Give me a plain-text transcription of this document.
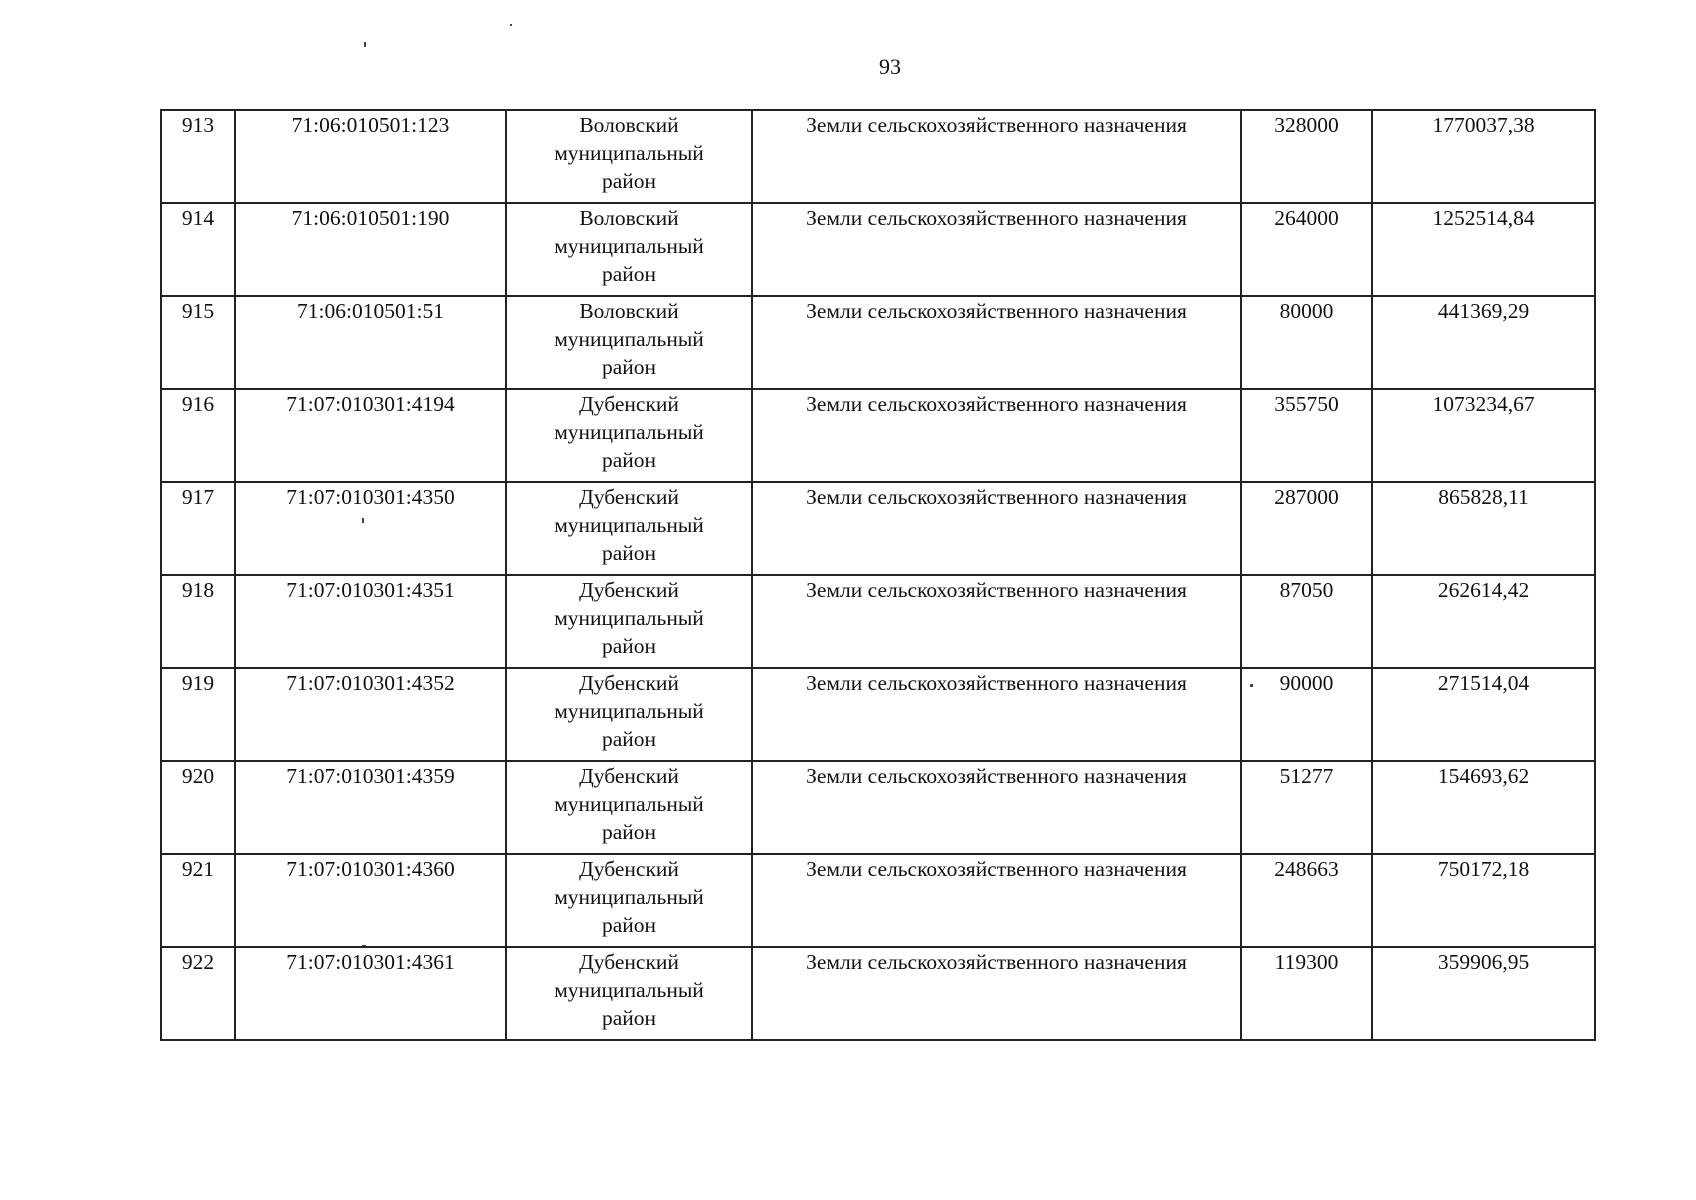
93
913	71:06:010501:123	Воловский
муниципальный
район	Земли сельскохозяйственного назначения	328000	1770037,38
914	71:06:010501:190	Воловский
муниципальный
район	Земли сельскохозяйственного назначения	264000	1252514,84
915	71:06:010501:51	Воловский
муниципальный
район	Земли сельскохозяйственного назначения	80000	441369,29
916	71:07:010301:4194	Дубенский
муниципальный
район	Земли сельскохозяйственного назначения	355750	1073234,67
917	71:07:010301:4350	Дубенский
муниципальный
район	Земли сельскохозяйственного назначения	287000	865828,11
918	71:07:010301:4351	Дубенский
муниципальный
район	Земли сельскохозяйственного назначения	87050	262614,42
919	71:07:010301:4352	Дубенский
муниципальный
район	Земли сельскохозяйственного назначения	90000	271514,04
920	71:07:010301:4359	Дубенский
муниципальный
район	Земли сельскохозяйственного назначения	51277	154693,62
921	71:07:010301:4360	Дубенский
муниципальный
район	Земли сельскохозяйственного назначения	248663	750172,18
922	71:07:010301:4361	Дубенский
муниципальный
район	Земли сельскохозяйственного назначения	119300	359906,95
